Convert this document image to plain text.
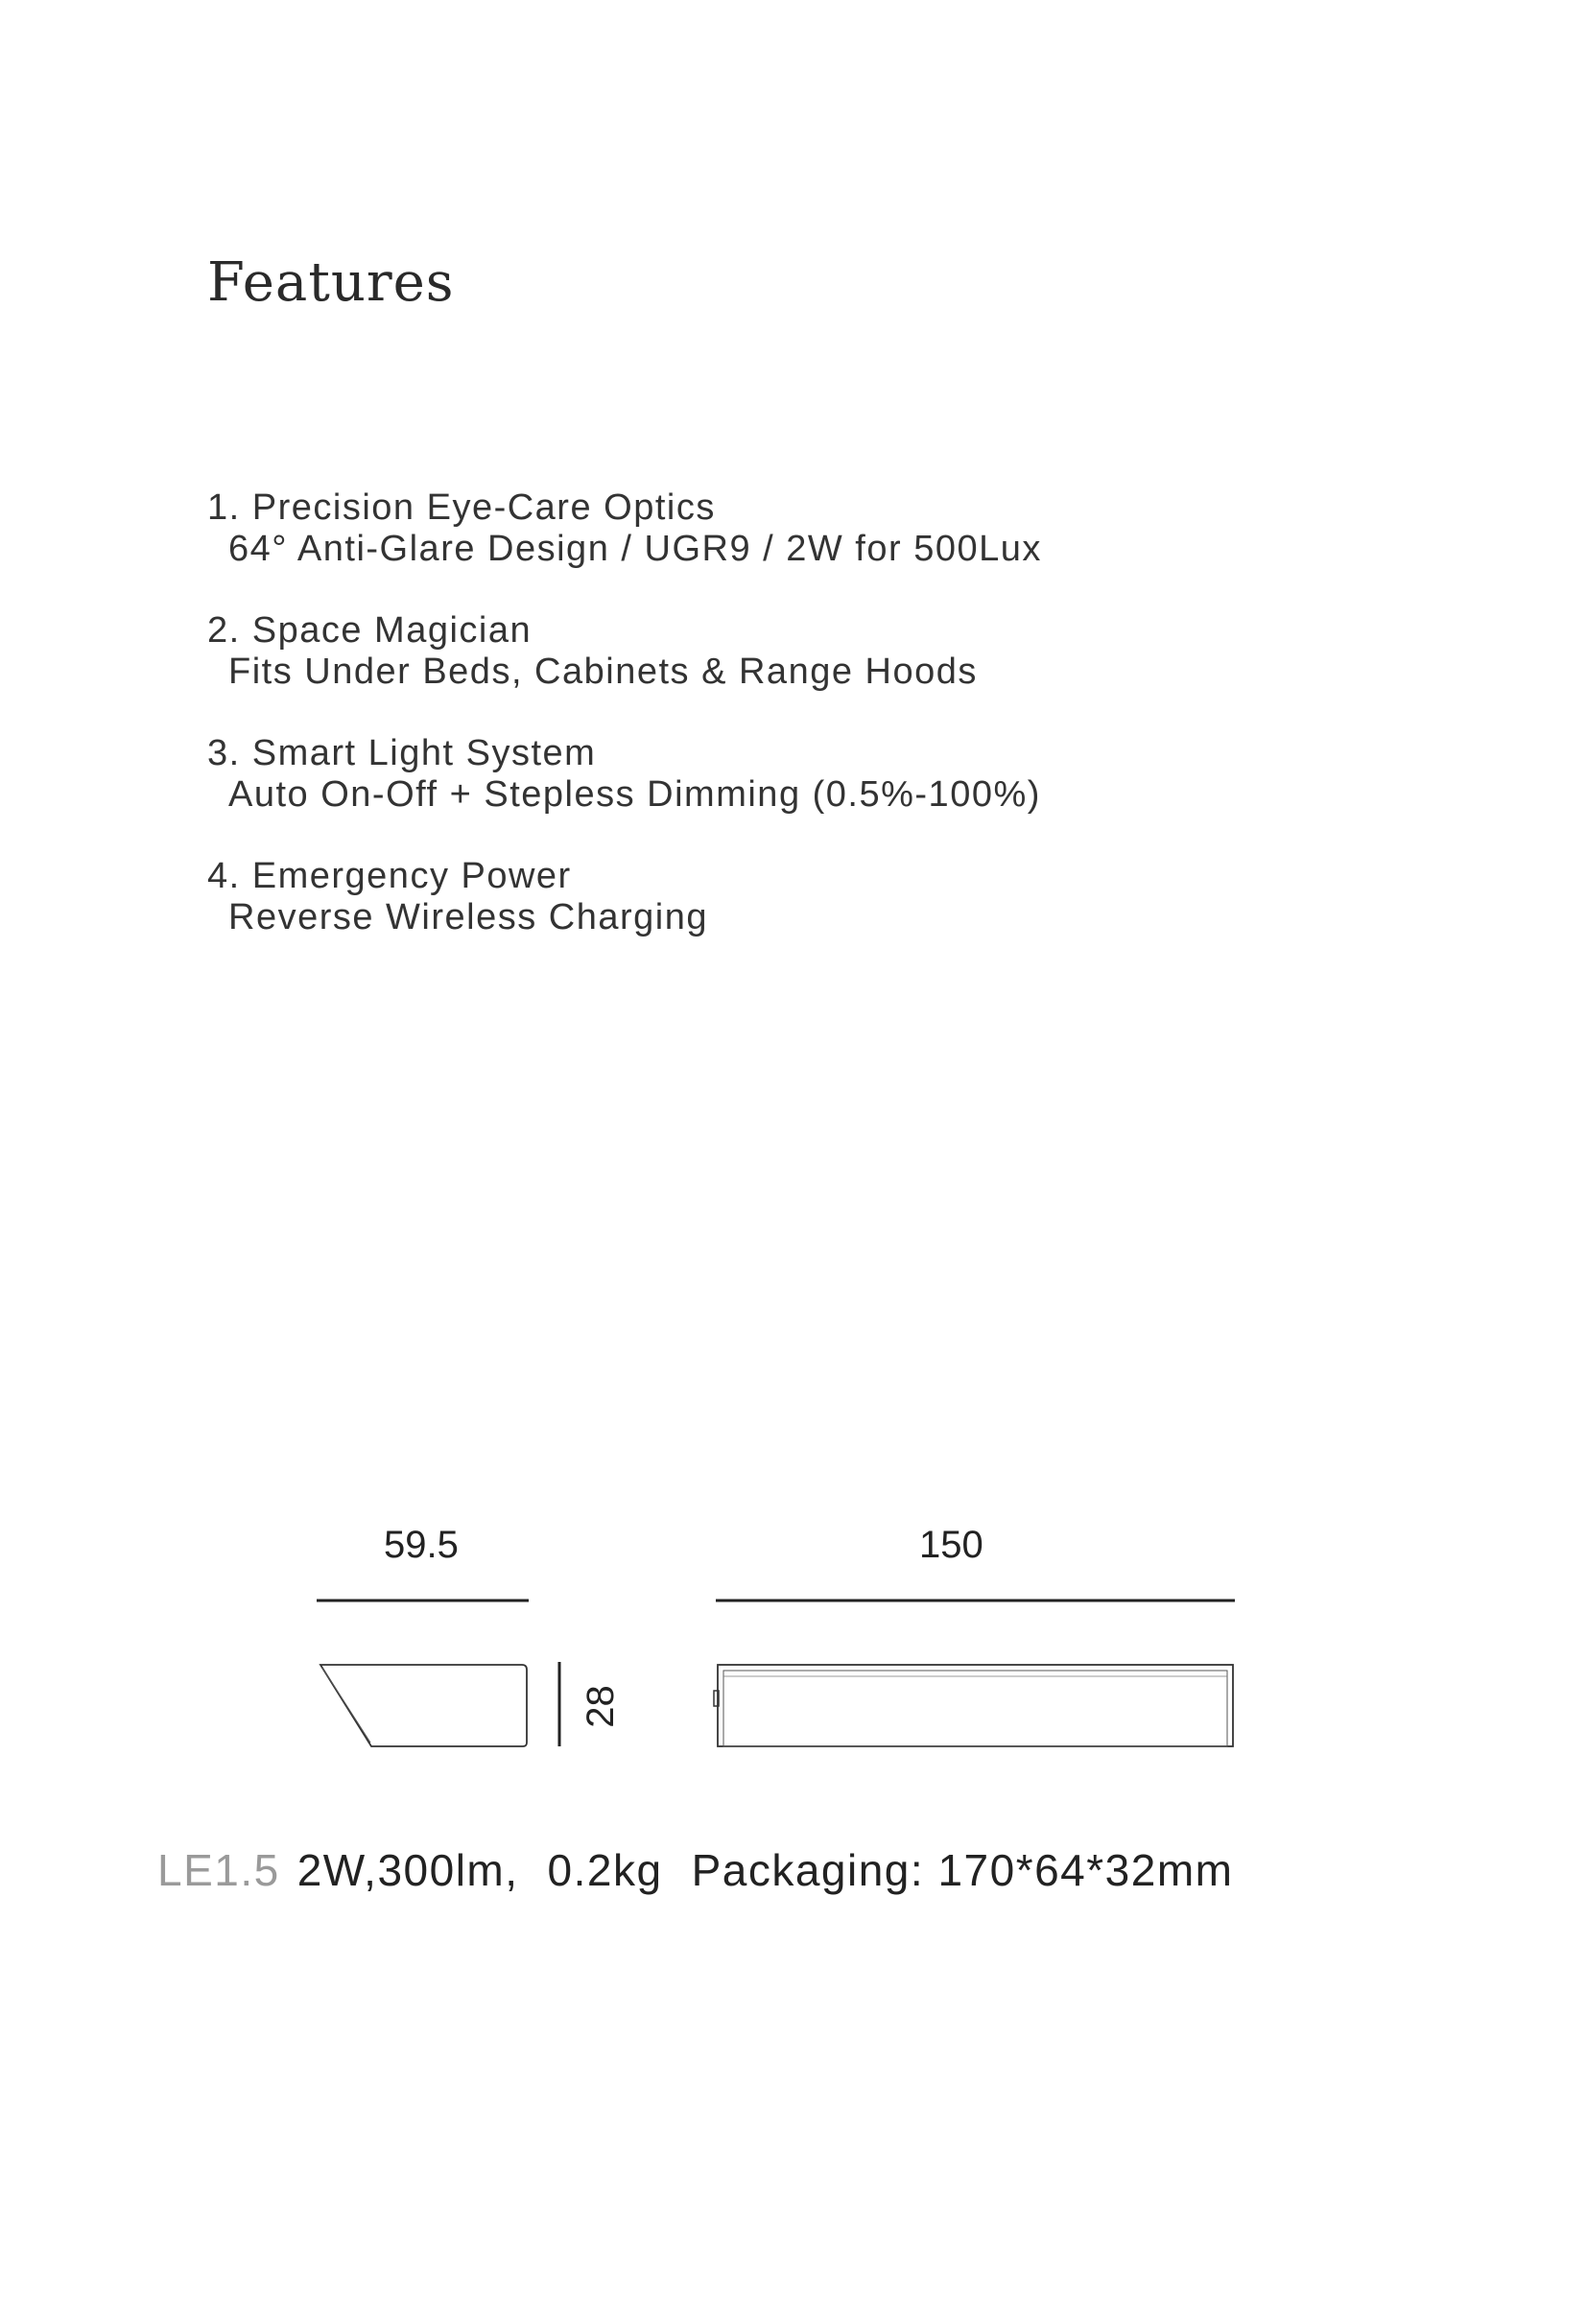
Features
1. Precision Eye-Care Optics
64° Anti-Glare Design / UGR9 / 2W for 500Lux
2. Space Magician
Fits Under Beds, Cabinets & Range Hoods
3. Smart Light System
Auto On-Off + Stepless Dimming (0.5%-100%)
4. Emergency Power
Reverse Wireless Charging
59.5	150
28
LE1.5 2W,300lm, 0.2kg Packaging: 170*64*32mm
